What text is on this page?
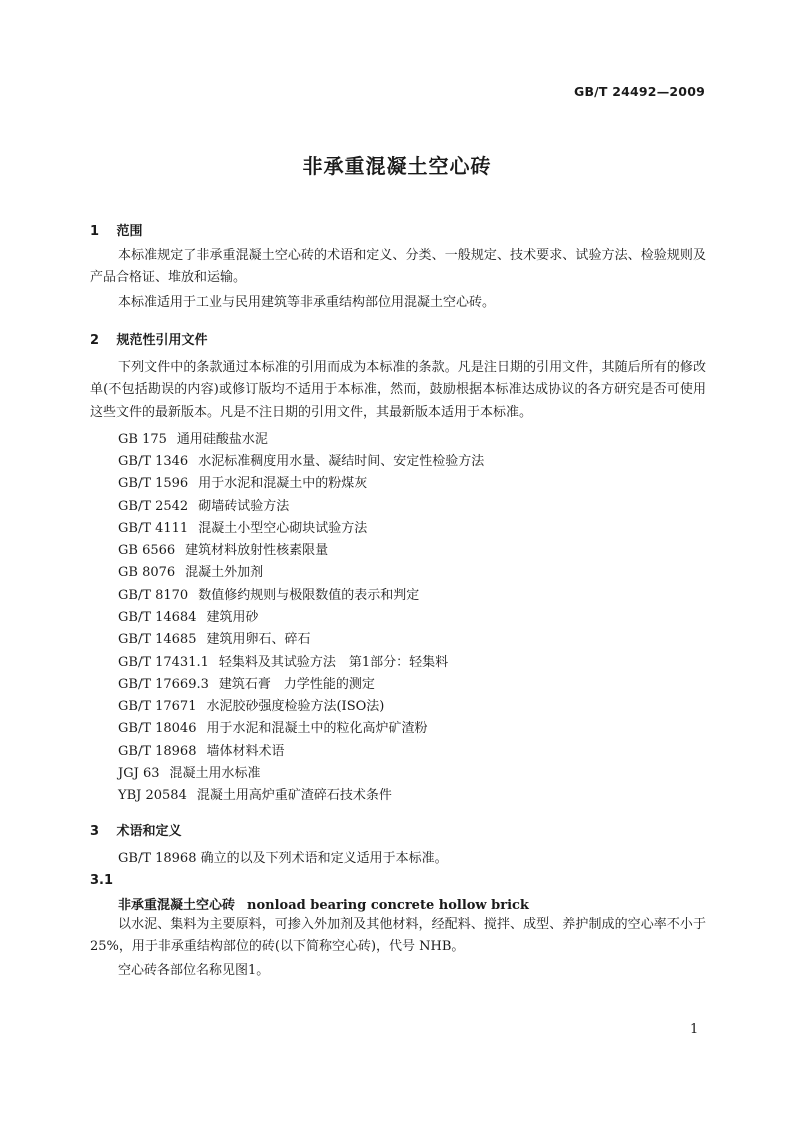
GB/T 24492—2009
非承重混凝土空心砖
1 范围
本标准规定了非承重混凝土空心砖的术语和定义、分类、一般规定、技术要求、试验方法、检验规则及产品合格证、堆放和运输。
本标准适用于工业与民用建筑等非承重结构部位用混凝土空心砖。
2 规范性引用文件
下列文件中的条款通过本标准的引用而成为本标准的条款。凡是注日期的引用文件，其随后所有的修改单(不包括勘误的内容)或修订版均不适用于本标准，然而，鼓励根据本标准达成协议的各方研究是否可使用这些文件的最新版本。凡是不注日期的引用文件，其最新版本适用于本标准。
GB 175 通用硅酸盐水泥
GB/T 1346 水泥标准稠度用水量、凝结时间、安定性检验方法
GB/T 1596 用于水泥和混凝土中的粉煤灰
GB/T 2542 砌墙砖试验方法
GB/T 4111 混凝土小型空心砌块试验方法
GB 6566 建筑材料放射性核素限量
GB 8076 混凝土外加剂
GB/T 8170 数值修约规则与极限数值的表示和判定
GB/T 14684 建筑用砂
GB/T 14685 建筑用卵石、碎石
GB/T 17431.1 轻集料及其试验方法　第1部分：轻集料
GB/T 17669.3 建筑石膏　力学性能的测定
GB/T 17671 水泥胶砂强度检验方法(ISO法)
GB/T 18046 用于水泥和混凝土中的粒化高炉矿渣粉
GB/T 18968 墙体材料术语
JGJ 63 混凝土用水标准
YBJ 20584 混凝土用高炉重矿渣碎石技术条件
3 术语和定义
GB/T 18968 确立的以及下列术语和定义适用于本标准。
3.1
非承重混凝土空心砖 nonload bearing concrete hollow brick
以水泥、集料为主要原料，可掺入外加剂及其他材料，经配料、搅拌、成型、养护制成的空心率不小于25%，用于非承重结构部位的砖(以下简称空心砖)，代号 NHB。
空心砖各部位名称见图1。
1
